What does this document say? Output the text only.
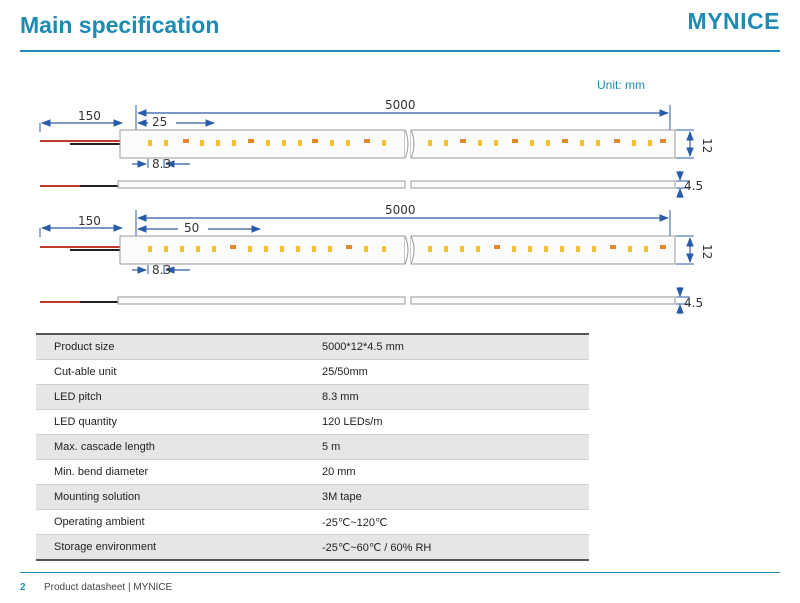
Main specification	MYNICE
Unit: mm
150
5000
25
8.3
12
4.5
150
5000
50
8.3
12
4.5
Product size	5000*12*4.5 mm
Cut-able unit	25/50mm
LED pitch	8.3 mm
LED quantity	120 LEDs/m
Max. cascade length	5 m
Min. bend diameter	20 mm
Mounting solution	3M tape
Operating ambient	-25℃~120℃
Storage environment	-25℃~60℃ / 60% RH
2 Product datasheet | MYNICE
